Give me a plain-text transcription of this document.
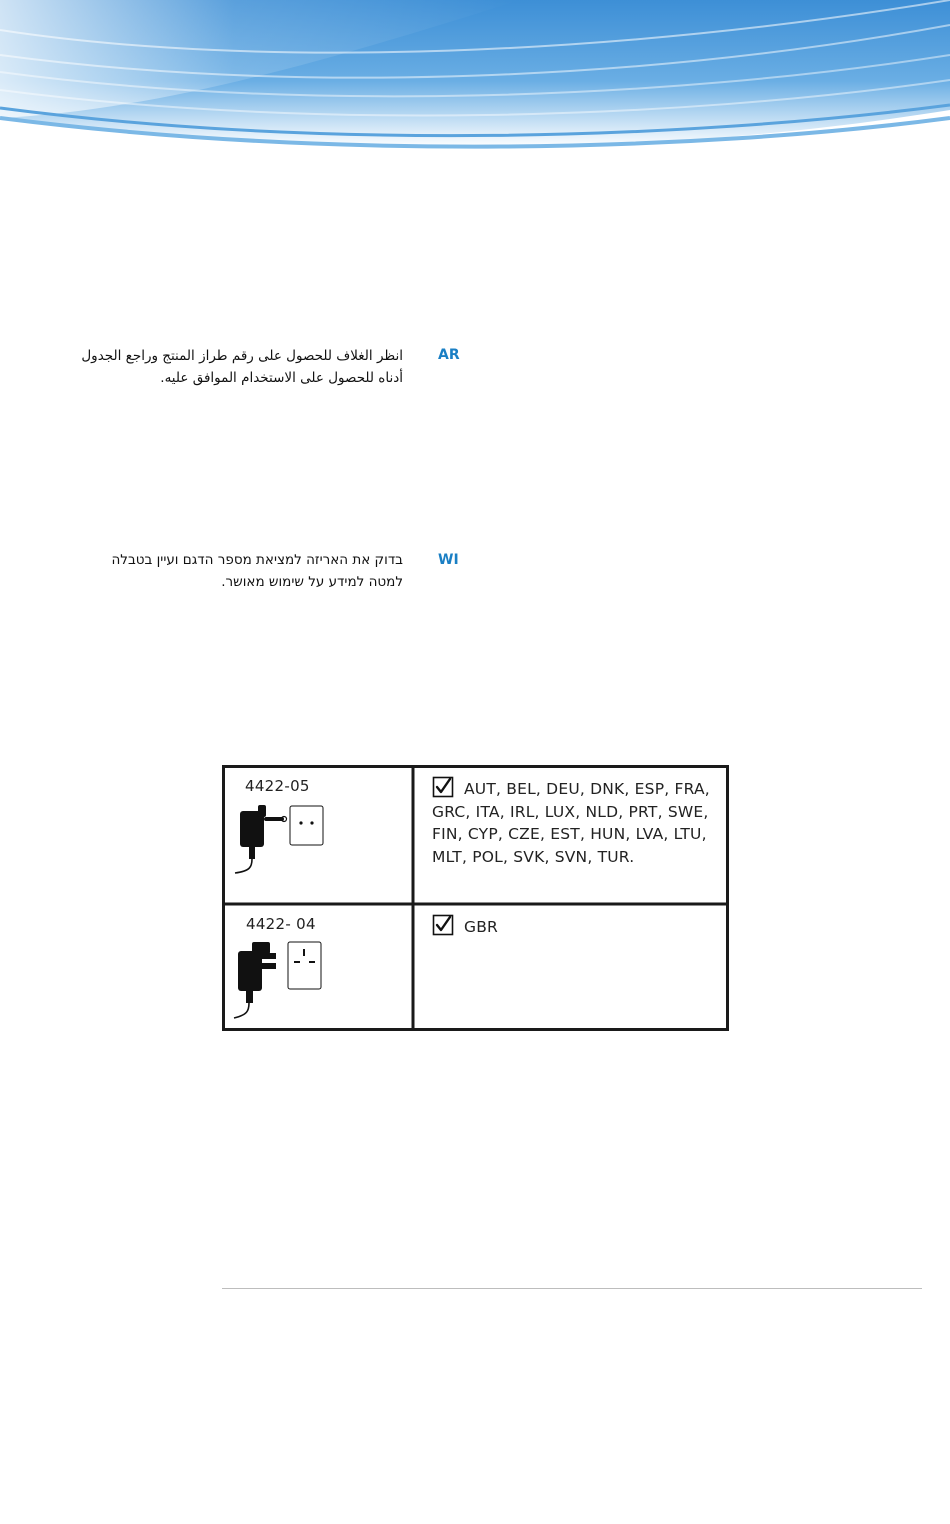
AR
انظر الغلاف للحصول على رقم طراز المنتج وراجع الجدول
أدناه للحصول على الاستخدام الموافق عليه.
WI
בדוק את האריזה למציאת מספר הדגם ועיין בטבלה
למטה למידע על שימוש מאושר.
4422-05	AUT, BEL, DEU, DNK, ESP, FRA,
GRC, ITA, IRL, LUX, NLD, PRT, SWE,
FIN, CYP, CZE, EST, HUN, LVA, LTU,
MLT, POL, SVK, SVN, TUR.
4422- 04	GBR
